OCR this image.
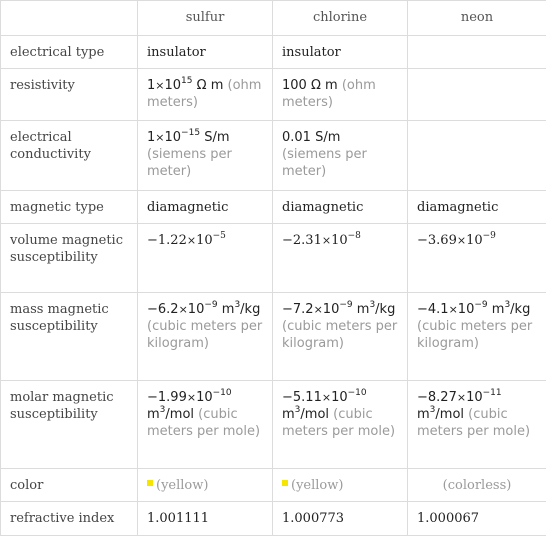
	sulfur	chlorine	neon
electrical type	insulator	insulator	
resistivity	$1\times 10^{15}$ Ω m (ohm meters)	100 Ω m (ohm meters)	
electrical conductivity	$1\times 10^{-15}$ S/m (siemens per meter)	0.01 S/m (siemens per meter)	
magnetic type	diamagnetic	diamagnetic	diamagnetic
volume magnetic susceptibility	$-1.22\times 10^{-5}$	$-2.31\times 10^{-8}$	$-3.69\times 10^{-9}$
mass magnetic susceptibility	$-6.2\times 10^{-9}$ $m^3/kg$ (cubic meters per kilogram)	$-7.2\times 10^{-9}$ $m^3/kg$ (cubic meters per kilogram)	$-4.1\times 10^{-9}$ $m^3/kg$ (cubic meters per kilogram)
molar magnetic susceptibility	$-1.99\times 10^{-10}$ $m^3$/mol (cubic meters per mole)	$-5.11\times 10^{-10}$ $m^3$/mol (cubic meters per mole)	$-8.27\times 10^{-11}$ $m^3$/mol (cubic meters per mole)
color	(yellow)	(yellow)	(colorless)
refractive index	1.001111	1.000773	1.000067
